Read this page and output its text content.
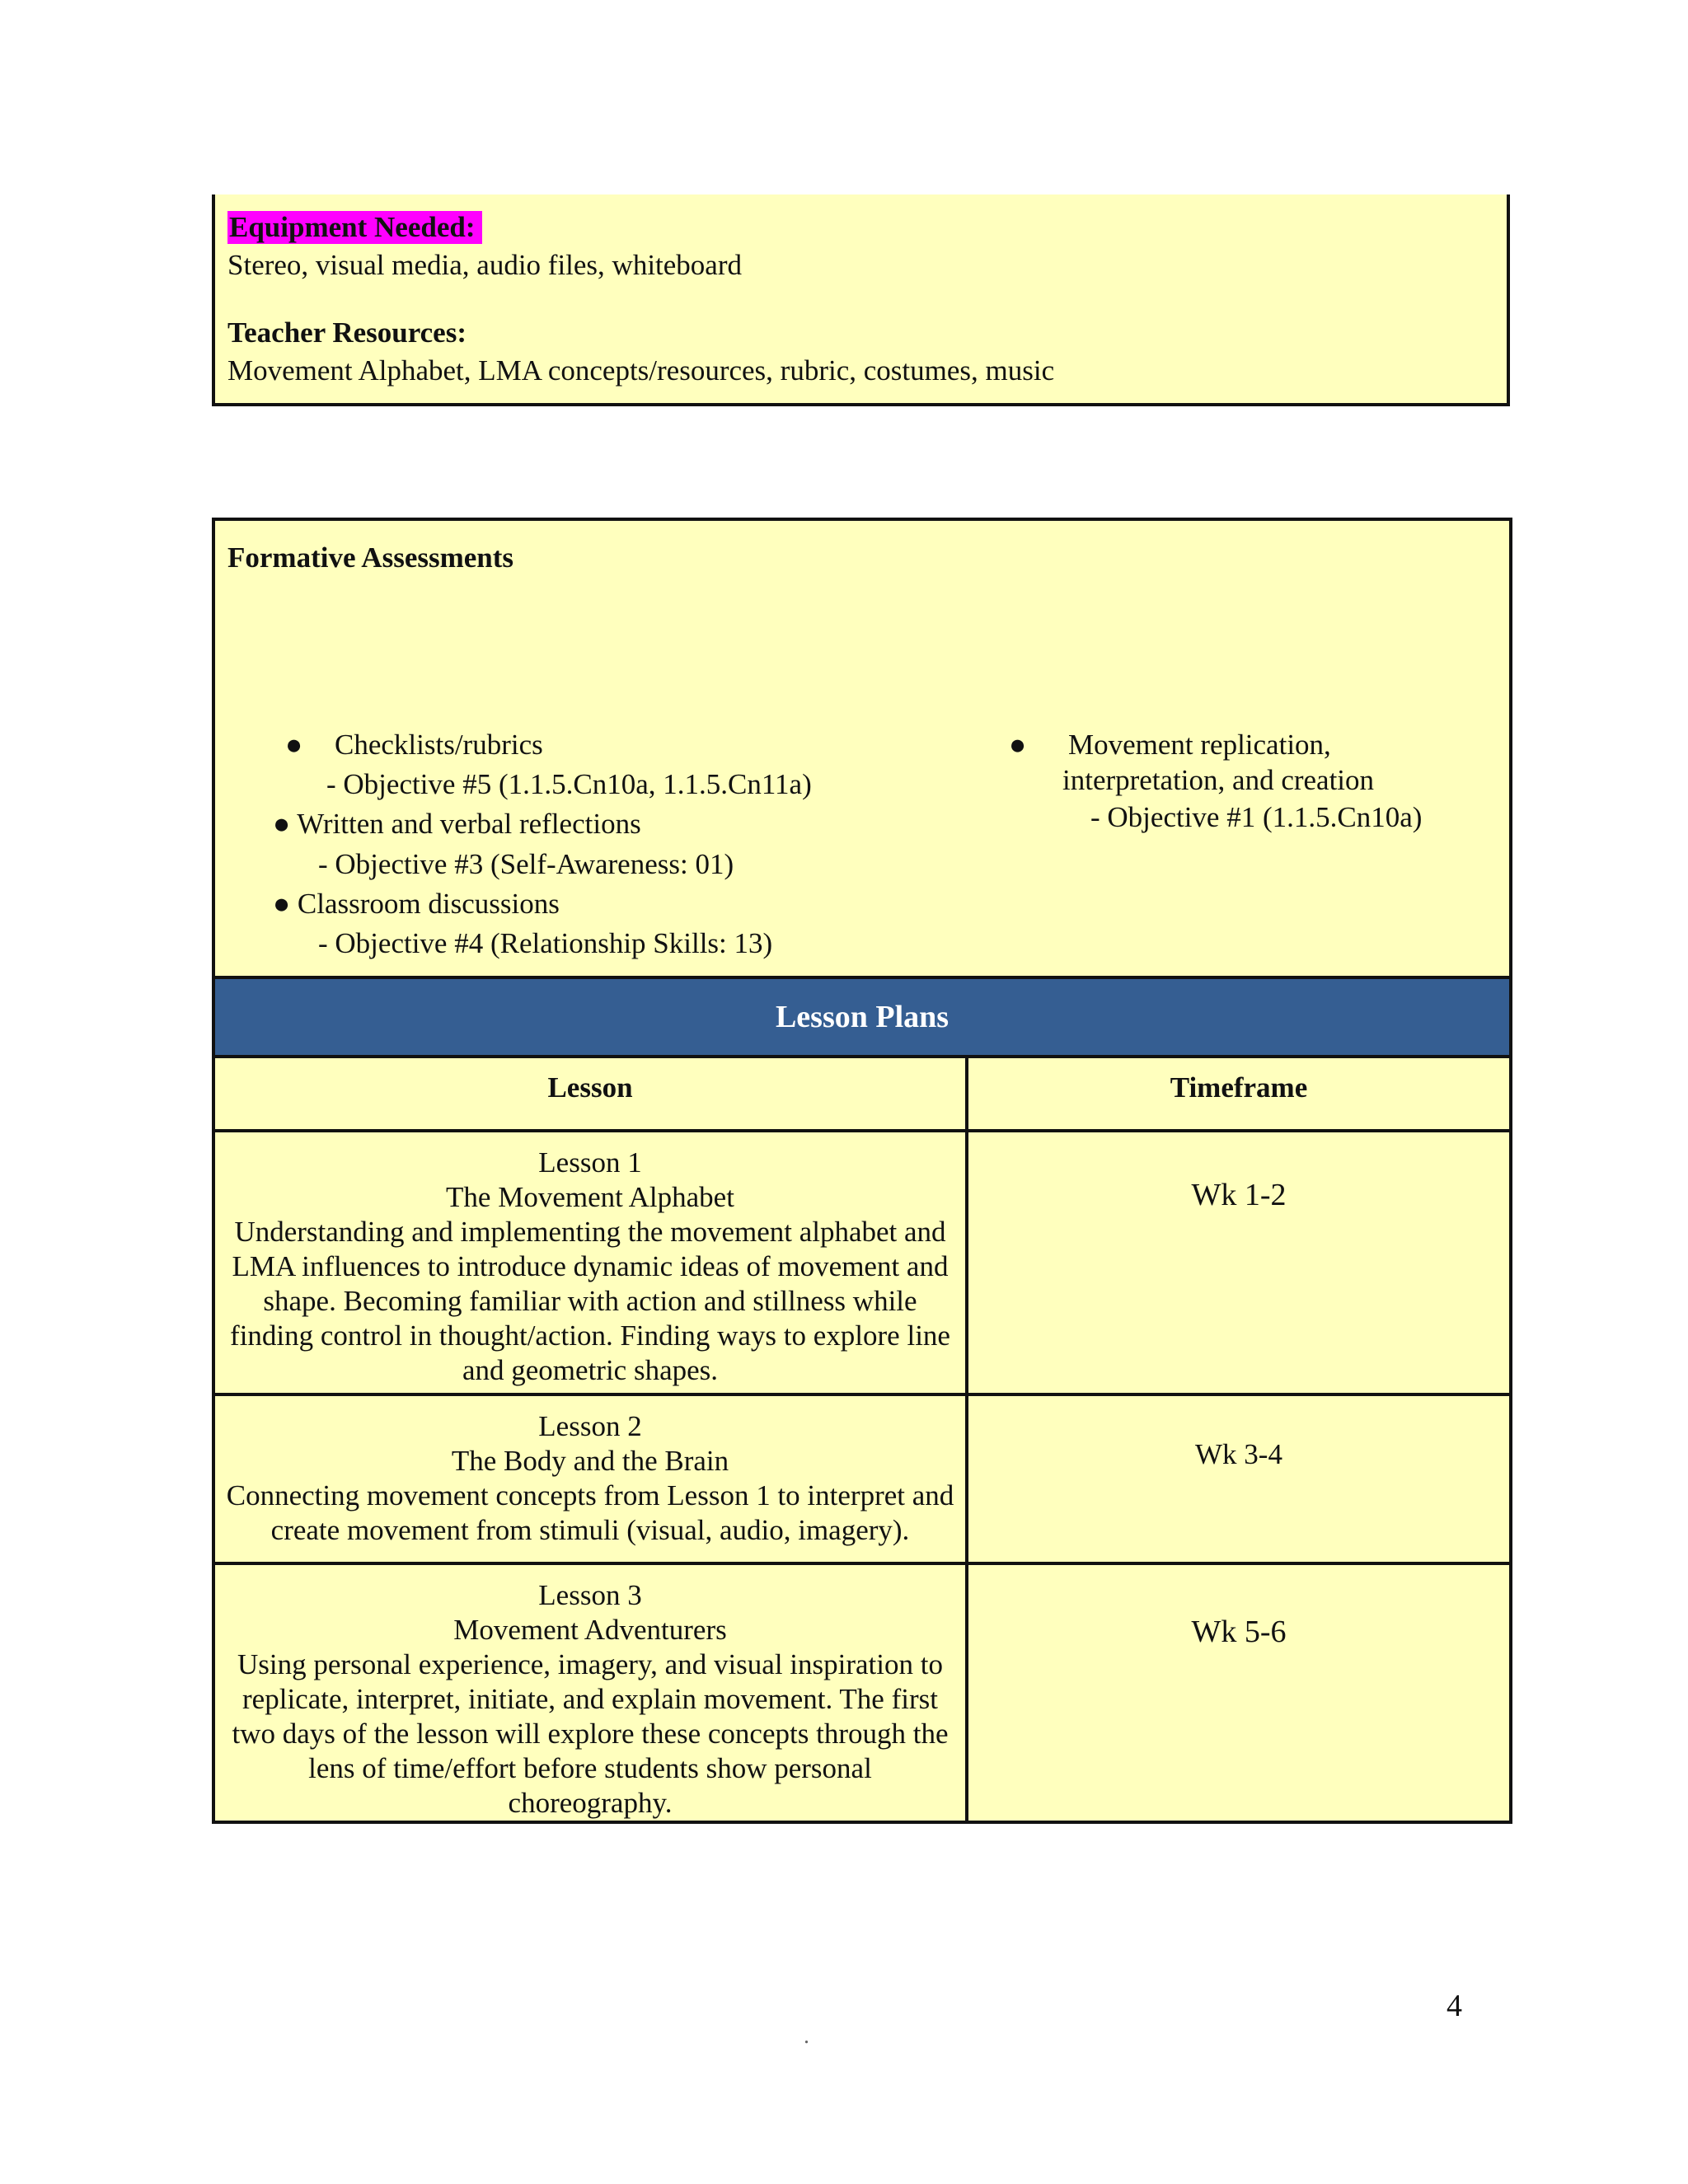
Equipment Needed:
Stereo, visual media, audio files, whiteboard
Teacher Resources:
Movement Alphabet, LMA concepts/resources, rubric, costumes, music
Formative Assessments
● Checklists/rubrics
- Objective #5 (1.1.5.Cn10a, 1.1.5.Cn11a)
● Written and verbal reflections
- Objective #3 (Self-Awareness: 01)
● Classroom discussions
- Objective #4 (Relationship Skills: 13)
● Movement replication,
interpretation, and creation
- Objective #1 (1.1.5.Cn10a)
Lesson Plans
Lesson	Timeframe
Lesson 1
The Movement Alphabet
Understanding and implementing the movement alphabet and LMA influences to introduce dynamic ideas of movement and shape. Becoming familiar with action and stillness while finding control in thought/action. Finding ways to explore line and geometric shapes.
Wk 1-2
Lesson 2
The Body and the Brain
Connecting movement concepts from Lesson 1 to interpret and create movement from stimuli (visual, audio, imagery).
Wk 3-4
Lesson 3
Movement Adventurers
Using personal experience, imagery, and visual inspiration to replicate, interpret, initiate, and explain movement. The first two days of the lesson will explore these concepts through the lens of time/effort before students show personal choreography.
Wk 5-6
4
.
